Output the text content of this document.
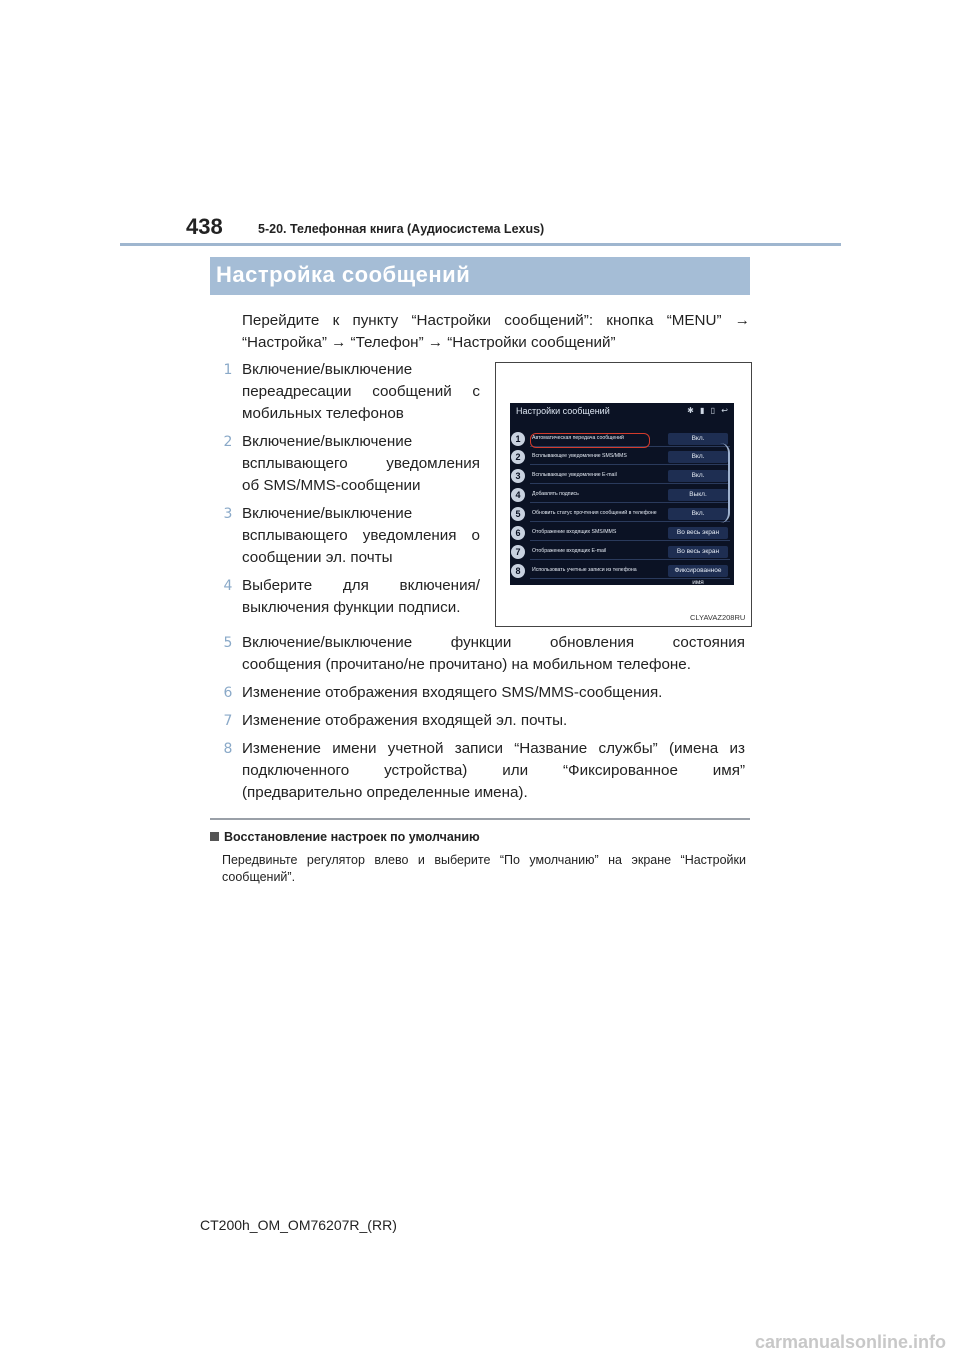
438	5-20. Телефонная книга (Аудиосистема Lexus)
Настройка сообщений
Перейдите к пункту “Настройки сообщений”: кнопка “MENU” →
“Настройка” → “Телефон” → “Настройки сообщений”
1 Включение/выключение
переадресации сообщений с
мобильных телефонов
2 Включение/выключение
всплывающего уведомления
об SMS/MMS-сообщении
3 Включение/выключение
всплывающего уведомления о
сообщении эл. почты
4 Выберите для включения/
выключения функции подписи.
Настройки сообщений	✱ ▮ ▯ ↩
Автоматическая передача сообщений	Вкл.
Всплывающее уведомление SMS/MMS	Вкл.
Всплывающее уведомление E-mail	Вкл.
Добавлять подпись	Выкл.
Обновить статус прочтения сообщений в телефоне	Вкл.
Отображение входящих SMS/MMS	Во весь экран
Отображение входящих E-mail	Во весь экран
Использовать учетные записи из телефона	Фиксированное имя
1
2
3
4
5
6
7
8
CLYAVAZ208RU
5 Включение/выключение функции обновления состояния
сообщения (прочитано/не прочитано) на мобильном телефоне.
6 Изменение отображения входящего SMS/MMS-сообщения.
7 Изменение отображения входящей эл. почты.
8 Изменение имени учетной записи “Название службы” (имена из
подключенного устройства) или “Фиксированное имя”
(предварительно определенные имена).
Восстановление настроек по умолчанию
Передвиньте регулятор влево и выберите “По умолчанию” на экране “Настройки сообщений”.
CT200h_OM_OM76207R_(RR)
carmanualsonline.info
